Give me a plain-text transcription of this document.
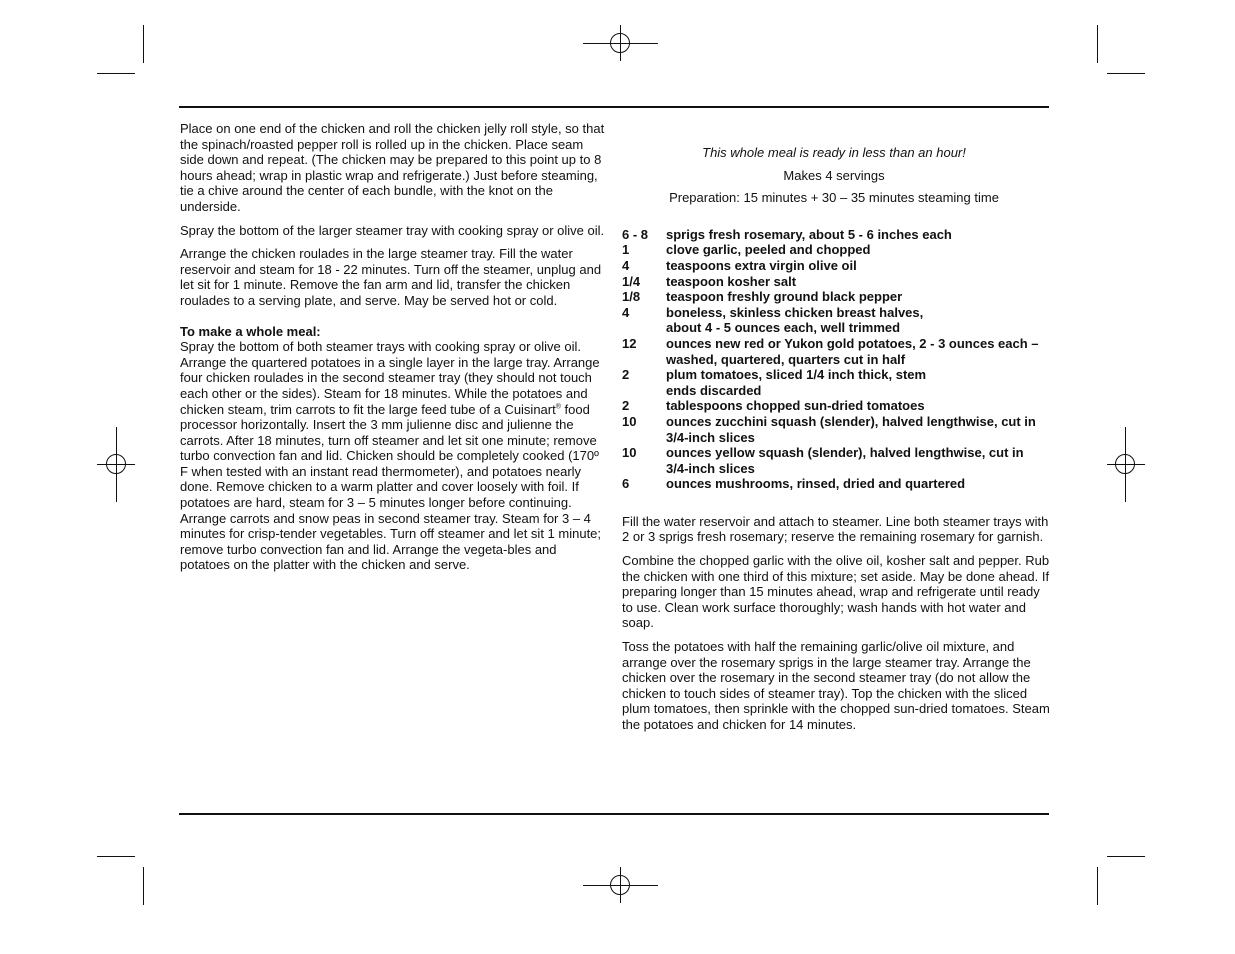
Place on one end of the chicken and roll the chicken jelly roll style, so that the spinach/roasted pepper roll is rolled up in the chicken. Place seam side down and repeat. (The chicken may be prepared to this point up to 8 hours ahead; wrap in plastic wrap and refrigerate.) Just before steaming, tie a chive around the center of each bundle, with the knot on the underside.

Spray the bottom of the larger steamer tray with cooking spray or olive oil.

Arrange the chicken roulades in the large steamer tray. Fill the water reservoir and steam for 18 - 22 minutes. Turn off the steamer, unplug and let sit for 1 minute. Remove the fan arm and lid, transfer the chicken roulades to a serving plate, and serve. May be served hot or cold.

To make a whole meal:
Spray the bottom of both steamer trays with cooking spray or olive oil. Arrange the quartered potatoes in a single layer in the large tray. Arrange four chicken roulades in the second steamer tray (they should not touch each other or the sides). Steam for 18 minutes. While the potatoes and chicken steam, trim carrots to fit the large feed tube of a Cuisinart® food processor horizontally. Insert the 3 mm julienne disc and julienne the carrots. After 18 minutes, turn off steamer and let sit one minute; remove turbo convection fan and lid. Chicken should be completely cooked (170º F when tested with an instant read thermometer), and potatoes nearly done. Remove chicken to a warm platter and cover loosely with foil. If potatoes are hard, steam for 3 – 5 minutes longer before continuing. Arrange carrots and snow peas in second steamer tray. Steam for 3 – 4 minutes for crisp-tender vegetables. Turn off steamer and let sit 1 minute; remove turbo convection fan and lid. Arrange the vegeta-bles and potatoes on the platter with the chicken and serve.

This whole meal is ready in less than an hour!

Makes 4 servings

Preparation: 15 minutes + 30 – 35 minutes steaming time

6 - 8	sprigs fresh rosemary, about 5 - 6 inches each
1	clove garlic, peeled and chopped
4	teaspoons extra virgin olive oil
1/4	teaspoon kosher salt
1/8	teaspoon freshly ground black pepper
4	boneless, skinless chicken breast halves, about 4 - 5 ounces each, well trimmed
12	ounces new red or Yukon gold potatoes, 2 - 3 ounces each – washed, quartered, quarters cut in half
2	plum tomatoes, sliced 1/4 inch thick, stem ends discarded
2	tablespoons chopped sun-dried tomatoes
10	ounces zucchini squash (slender), halved lengthwise, cut in 3/4-inch slices
10	ounces yellow squash (slender), halved lengthwise, cut in 3/4-inch slices
6	ounces mushrooms, rinsed, dried and quartered

Fill the water reservoir and attach to steamer. Line both steamer trays with 2 or 3 sprigs fresh rosemary; reserve the remaining rosemary for garnish.

Combine the chopped garlic with the olive oil, kosher salt and pepper. Rub the chicken with one third of this mixture; set aside. May be done ahead. If preparing longer than 15 minutes ahead, wrap and refrigerate until ready to use. Clean work surface thoroughly; wash hands with hot water and soap.

Toss the potatoes with half the remaining garlic/olive oil mixture, and arrange over the rosemary sprigs in the large steamer tray. Arrange the chicken over the rosemary in the second steamer tray (do not allow the chicken to touch sides of steamer tray). Top the chicken with the sliced plum tomatoes, then sprinkle with the chopped sun-dried tomatoes. Steam the potatoes and chicken for 14 minutes.
